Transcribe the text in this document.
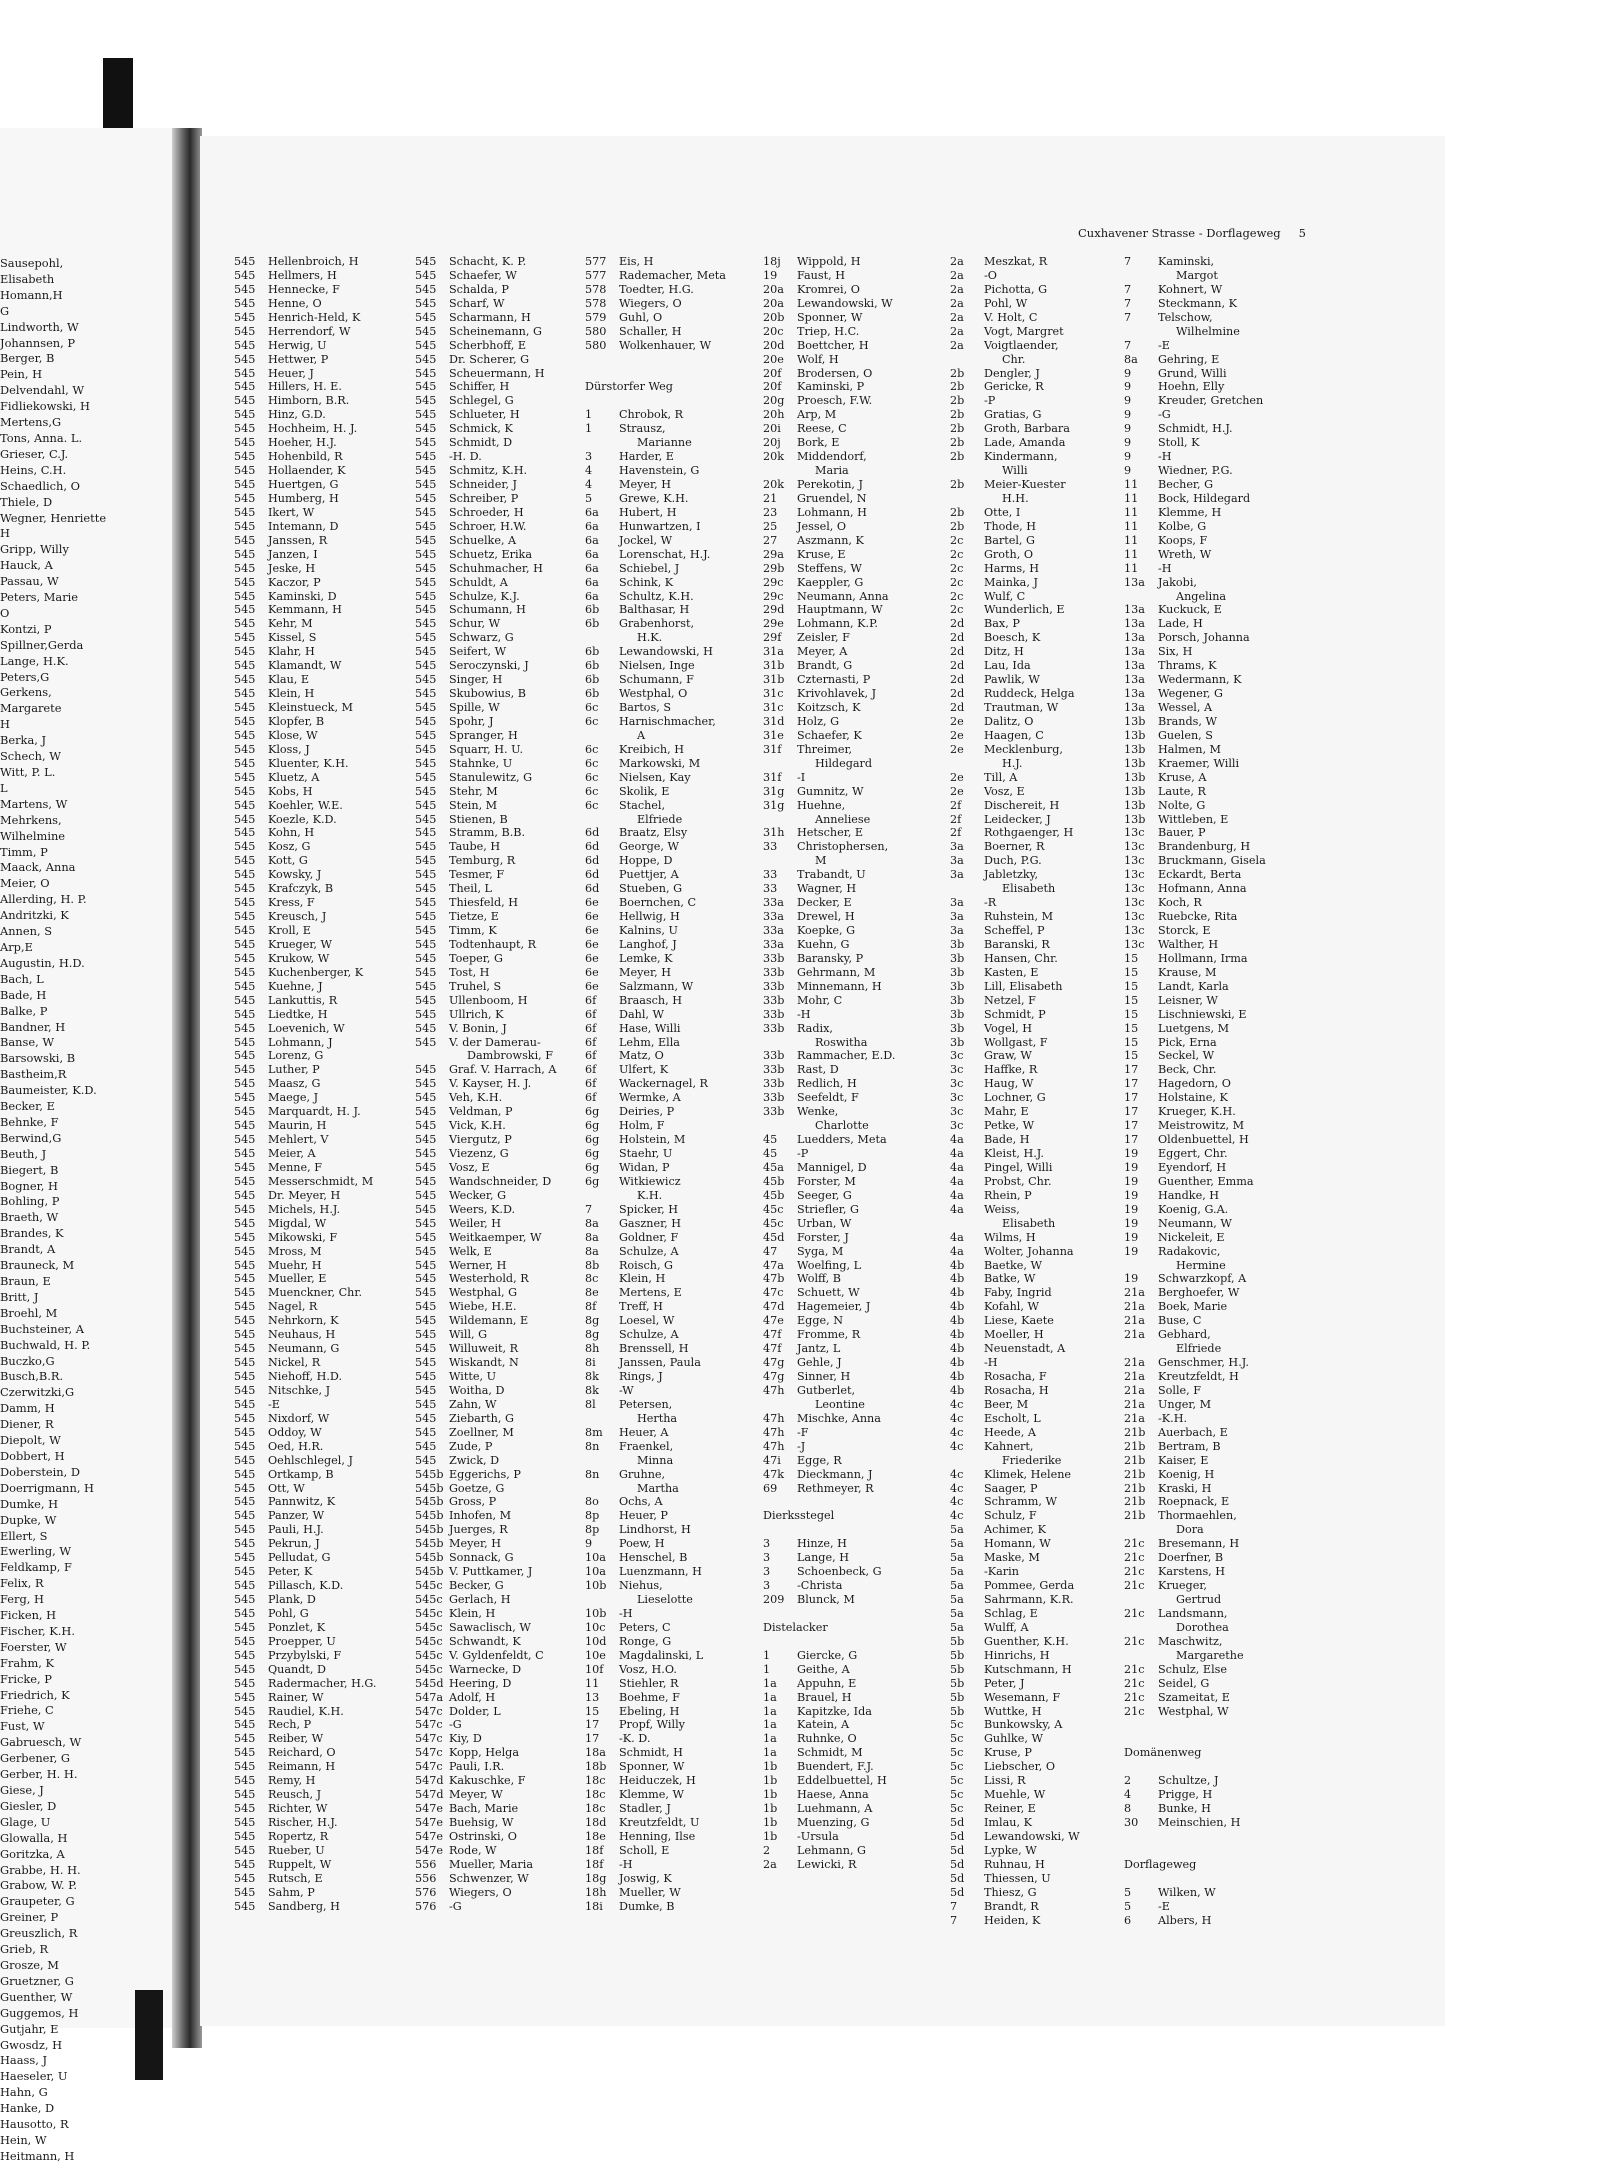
Sausepohl,
Elisabeth
Homann,H
G
Lindworth, W
Johannsen, P
Berger, B
Pein, H
Delvendahl, W
Fidliekowski, H
Mertens,G
Tons, Anna. L.
Grieser, C.J.
Heins, C.H.
Schaedlich, O
Thiele, D
Wegner, Henriette
H
Gripp, Willy
Hauck, A
Passau, W
Peters, Marie
O
Kontzi, P
Spillner,Gerda
Lange, H.K.
Peters,G
Gerkens,
Margarete
H
Berka, J
Schech, W
Witt, P. L.
L
Martens, W
Mehrkens,
Wilhelmine
Timm, P
Maack, Anna
Meier, O
Allerding, H. P.
Andritzki, K
Annen, S
Arp,E
Augustin, H.D.
Bach, L
Bade, H
Balke, P
Bandner, H
Banse, W
Barsowski, B
Bastheim,R
Baumeister, K.D.
Becker, E
Behnke, F
Berwind,G
Beuth, J
Biegert, B
Bogner, H
Bohling, P
Braeth, W
Brandes, K
Brandt, A
Brauneck, M
Braun, E
Britt, J
Broehl, M
Buchsteiner, A
Buchwald, H. P.
Buczko,G
Busch,B.R.
Czerwitzki,G
Damm, H
Diener, R
Diepolt, W
Dobbert, H
Doberstein, D
Doerrigmann, H
Dumke, H
Dupke, W
Ellert, S
Ewerling, W
Feldkamp, F
Felix, R
Ferg, H
Ficken, H
Fischer, K.H.
Foerster, W
Frahm, K
Fricke, P
Friedrich, K
Friehe, C
Fust, W
Gabruesch, W
Gerbener, G
Gerber, H. H.
Giese, J
Giesler, D
Glage, U
Glowalla, H
Goritzka, A
Grabbe, H. H.
Grabow, W. P.
Graupeter, G
Greiner, P
Greuszlich, R
Grieb, R
Grosze, M
Gruetzner, G
Guenther, W
Guggemos, H
Gutjahr, E
Gwosdz, H
Haass, J
Haeseler, U
Hahn, G
Hanke, D
Hausotto, R
Hein, W
Heitmann, H
Cuxhavener Strasse - Dorflageweg 5
545	Hellenbroich, H
545	Hellmers, H
545	Hennecke, F
545	Henne, O
545	Henrich-Held, K
545	Herrendorf, W
545	Herwig, U
545	Hettwer, P
545	Heuer, J
545	Hillers, H. E.
545	Himborn, B.R.
545	Hinz, G.D.
545	Hochheim, H. J.
545	Hoeher, H.J.
545	Hohenbild, R
545	Hollaender, K
545	Huertgen, G
545	Humberg, H
545	Ikert, W
545	Intemann, D
545	Janssen, R
545	Janzen, I
545	Jeske, H
545	Kaczor, P
545	Kaminski, D
545	Kemmann, H
545	Kehr, M
545	Kissel, S
545	Klahr, H
545	Klamandt, W
545	Klau, E
545	Klein, H
545	Kleinstueck, M
545	Klopfer, B
545	Klose, W
545	Kloss, J
545	Kluenter, K.H.
545	Kluetz, A
545	Kobs, H
545	Koehler, W.E.
545	Koezle, K.D.
545	Kohn, H
545	Kosz, G
545	Kott, G
545	Kowsky, J
545	Krafczyk, B
545	Kress, F
545	Kreusch, J
545	Kroll, E
545	Krueger, W
545	Krukow, W
545	Kuchenberger, K
545	Kuehne, J
545	Lankuttis, R
545	Liedtke, H
545	Loevenich, W
545	Lohmann, J
545	Lorenz, G
545	Luther, P
545	Maasz, G
545	Maege, J
545	Marquardt, H. J.
545	Maurin, H
545	Mehlert, V
545	Meier, A
545	Menne, F
545	Messerschmidt, M
545	Dr. Meyer, H
545	Michels, H.J.
545	Migdal, W
545	Mikowski, F
545	Mross, M
545	Muehr, H
545	Mueller, E
545	Muenckner, Chr.
545	Nagel, R
545	Nehrkorn, K
545	Neuhaus, H
545	Neumann, G
545	Nickel, R
545	Niehoff, H.D.
545	Nitschke, J
545	-E
545	Nixdorf, W
545	Oddoy, W
545	Oed, H.R.
545	Oehlschlegel, J
545	Ortkamp, B
545	Ott, W
545	Pannwitz, K
545	Panzer, W
545	Pauli, H.J.
545	Pekrun, J
545	Pelludat, G
545	Peter, K
545	Pillasch, K.D.
545	Plank, D
545	Pohl, G
545	Ponzlet, K
545	Proepper, U
545	Przybylski, F
545	Quandt, D
545	Radermacher, H.G.
545	Rainer, W
545	Raudiel, K.H.
545	Rech, P
545	Reiber, W
545	Reichard, O
545	Reimann, H
545	Remy, H
545	Reusch, J
545	Richter, W
545	Rischer, H.J.
545	Ropertz, R
545	Rueber, U
545	Ruppelt, W
545	Rutsch, E
545	Sahm, P
545	Sandberg, H
545	Schacht, K. P.
545	Schaefer, W
545	Schalda, P
545	Scharf, W
545	Scharmann, H
545	Scheinemann, G
545	Scherbhoff, E
545	Dr. Scherer, G
545	Scheuermann, H
545	Schiffer, H
545	Schlegel, G
545	Schlueter, H
545	Schmick, K
545	Schmidt, D
545	-H. D.
545	Schmitz, K.H.
545	Schneider, J
545	Schreiber, P
545	Schroeder, H
545	Schroer, H.W.
545	Schuelke, A
545	Schuetz, Erika
545	Schuhmacher, H
545	Schuldt, A
545	Schulze, K.J.
545	Schumann, H
545	Schur, W
545	Schwarz, G
545	Seifert, W
545	Seroczynski, J
545	Singer, H
545	Skubowius, B
545	Spille, W
545	Spohr, J
545	Spranger, H
545	Squarr, H. U.
545	Stahnke, U
545	Stanulewitz, G
545	Stehr, M
545	Stein, M
545	Stienen, B
545	Stramm, B.B.
545	Taube, H
545	Temburg, R
545	Tesmer, F
545	Theil, L
545	Thiesfeld, H
545	Tietze, E
545	Timm, K
545	Todtenhaupt, R
545	Toeper, G
545	Tost, H
545	Truhel, S
545	Ullenboom, H
545	Ullrich, K
545	V. Bonin, J
545	V. der Damerau-
Dambrowski, F
545	Graf. V. Harrach, A
545	V. Kayser, H. J.
545	Veh, K.H.
545	Veldman, P
545	Vick, K.H.
545	Viergutz, P
545	Viezenz, G
545	Vosz, E
545	Wandschneider, D
545	Wecker, G
545	Weers, K.D.
545	Weiler, H
545	Weitkaemper, W
545	Welk, E
545	Werner, H
545	Westerhold, R
545	Westphal, G
545	Wiebe, H.E.
545	Wildemann, E
545	Will, G
545	Willuweit, R
545	Wiskandt, N
545	Witte, U
545	Woitha, D
545	Zahn, W
545	Ziebarth, G
545	Zoellner, M
545	Zude, P
545	Zwick, D
545b Eggerichs, P
545b Goetze, G
545b Gross, P
545b Inhofen, M
545b Juerges, R
545b Meyer, H
545b Sonnack, G
545b V. Puttkamer, J
545c Becker, G
545c Gerlach, H
545c Klein, H
545c Sawaclisch, W
545c Schwandt, K
545c V. Gyldenfeldt, C
545c Warnecke, D
545d Heering, D
547a Adolf, H
547c Dolder, L
547c -G
547c Kiy, D
547c Kopp, Helga
547c Pauli, I.R.
547d Kakuschke, F
547d Meyer, W
547e Bach, Marie
547e Buehsig, W
547e Ostrinski, O
547e Rode, W
556	Mueller, Maria
556	Schwenzer, W
576	Wiegers, O
576	-G
577	Eis, H
577	Rademacher, Meta
578	Toedter, H.G.
578	Wiegers, O
579	Guhl, O
580	Schaller, H
580	Wolkenhauer, W
Dürstorfer Weg
1	Chrobok, R
1	Strausz,
Marianne
3	Harder, E
4	Havenstein, G
4	Meyer, H
5	Grewe, K.H.
6a	Hubert, H
6a	Hunwartzen, I
6a	Jockel, W
6a	Lorenschat, H.J.
6a	Schiebel, J
6a	Schink, K
6a	Schultz, K.H.
6b	Balthasar, H
6b	Grabenhorst,
H.K.
6b	Lewandowski, H
6b	Nielsen, Inge
6b	Schumann, F
6b	Westphal, O
6c	Bartos, S
6c	Harnischmacher,
A
6c	Kreibich, H
6c	Markowski, M
6c	Nielsen, Kay
6c	Skolik, E
6c	Stachel,
Elfriede
6d	Braatz, Elsy
6d	George, W
6d	Hoppe, D
6d	Puettjer, A
6d	Stueben, G
6e	Boernchen, C
6e	Hellwig, H
6e	Kalnins, U
6e	Langhof, J
6e	Lemke, K
6e	Meyer, H
6e	Salzmann, W
6f	Braasch, H
6f	Dahl, W
6f	Hase, Willi
6f	Lehm, Ella
6f	Matz, O
6f	Ulfert, K
6f	Wackernagel, R
6f	Wermke, A
6g	Deiries, P
6g	Holm, F
6g	Holstein, M
6g	Staehr, U
6g	Widan, P
6g	Witkiewicz
K.H.
7	Spicker, H
8a	Gaszner, H
8a	Goldner, F
8a	Schulze, A
8b	Roisch, G
8c	Klein, H
8e	Mertens, E
8f	Treff, H
8g	Loesel, W
8g	Schulze, A
8h	Brenssell, H
8i	Janssen, Paula
8k	Rings, J
8k	-W
8l	Petersen,
Hertha
8m	Heuer, A
8n	Fraenkel,
Minna
8n	Gruhne,
Martha
8o	Ochs, A
8p	Heuer, P
8p	Lindhorst, H
9	Poew, H
10a	Henschel, B
10a	Luenzmann, H
10b	Niehus,
Lieselotte
10b	-H
10c	Peters, C
10d	Ronge, G
10e	Magdalinski, L
10f	Vosz, H.O.
11	Stiehler, R
13	Boehme, F
15	Ebeling, H
17	Propf, Willy
17	-K. D.
18a	Schmidt, H
18b	Sponner, W
18c	Heiduczek, H
18c	Klemme, W
18c	Stadler, J
18d	Kreutzfeldt, U
18e	Henning, Ilse
18f	Scholl, E
18f	-H
18g	Joswig, K
18h	Mueller, W
18i	Dumke, B
18j	Wippold, H
19	Faust, H
20a	Kromrei, O
20a	Lewandowski, W
20b	Sponner, W
20c	Triep, H.C.
20d	Boettcher, H
20e	Wolf, H
20f	Brodersen, O
20f	Kaminski, P
20g	Proesch, F.W.
20h	Arp, M
20i	Reese, C
20j	Bork, E
20k	Middendorf,
Maria
20k	Perekotin, J
21	Gruendel, N
23	Lohmann, H
25	Jessel, O
27	Aszmann, K
29a	Kruse, E
29b	Steffens, W
29c	Kaeppler, G
29c	Neumann, Anna
29d	Hauptmann, W
29e	Lohmann, K.P.
29f	Zeisler, F
31a	Meyer, A
31b	Brandt, G
31b	Czternasti, P
31c	Krivohlavek, J
31c	Koitzsch, K
31d	Holz, G
31e	Schaefer, K
31f	Threimer,
Hildegard
31f	-I
31g	Gumnitz, W
31g	Huehne,
Anneliese
31h	Hetscher, E
33	Christophersen,
M
33	Trabandt, U
33	Wagner, H
33a	Decker, E
33a	Drewel, H
33a	Koepke, G
33a	Kuehn, G
33b	Baransky, P
33b	Gehrmann, M
33b	Minnemann, H
33b	Mohr, C
33b	-H
33b	Radix,
Roswitha
33b	Rammacher, E.D.
33b	Rast, D
33b	Redlich, H
33b	Seefeldt, F
33b	Wenke,
Charlotte
45	Luedders, Meta
45	-P
45a	Mannigel, D
45b	Forster, M
45b	Seeger, G
45c	Striefler, G
45c	Urban, W
45d	Forster, J
47	Syga, M
47a	Woelfing, L
47b	Wolff, B
47c	Schuett, W
47d	Hagemeier, J
47e	Egge, N
47f	Fromme, R
47f	Jantz, L
47g	Gehle, J
47g	Sinner, H
47h	Gutberlet,
Leontine
47h	Mischke, Anna
47h	-F
47h	-J
47i	Egge, R
47k	Dieckmann, J
69	Rethmeyer, R
Dierksstegel
3	Hinze, H
3	Lange, H
3	Schoenbeck, G
3	-Christa
209	Blunck, M
Distelacker
1	Giercke, G
1	Geithe, A
1a	Appuhn, E
1a	Brauel, H
1a	Kapitzke, Ida
1a	Katein, A
1a	Ruhnke, O
1a	Schmidt, M
1b	Buendert, F.J.
1b	Eddelbuettel, H
1b	Haese, Anna
1b	Luehmann, A
1b	Muenzing, G
1b	-Ursula
2	Lehmann, G
2a	Lewicki, R
2a	Meszkat, R
2a	-O
2a	Pichotta, G
2a	Pohl, W
2a	V. Holt, C
2a	Vogt, Margret
2a	Voigtlaender,
Chr.
2b	Dengler, J
2b	Gericke, R
2b	-P
2b	Gratias, G
2b	Groth, Barbara
2b	Lade, Amanda
2b	Kindermann,
Willi
2b	Meier-Kuester
H.H.
2b	Otte, I
2b	Thode, H
2c	Bartel, G
2c	Groth, O
2c	Harms, H
2c	Mainka, J
2c	Wulf, C
2c	Wunderlich, E
2d	Bax, P
2d	Boesch, K
2d	Ditz, H
2d	Lau, Ida
2d	Pawlik, W
2d	Ruddeck, Helga
2d	Trautman, W
2e	Dalitz, O
2e	Haagen, C
2e	Mecklenburg,
H.J.
2e	Till, A
2e	Vosz, E
2f	Dischereit, H
2f	Leidecker, J
2f	Rothgaenger, H
3a	Boerner, R
3a	Duch, P.G.
3a	Jabletzky,
Elisabeth
3a	-R
3a	Ruhstein, M
3a	Scheffel, P
3b	Baranski, R
3b	Hansen, Chr.
3b	Kasten, E
3b	Lill, Elisabeth
3b	Netzel, F
3b	Schmidt, P
3b	Vogel, H
3b	Wollgast, F
3c	Graw, W
3c	Haffke, R
3c	Haug, W
3c	Lochner, G
3c	Mahr, E
3c	Petke, W
4a	Bade, H
4a	Kleist, H.J.
4a	Pingel, Willi
4a	Probst, Chr.
4a	Rhein, P
4a	Weiss,
Elisabeth
4a	Wilms, H
4a	Wolter, Johanna
4b	Baetke, W
4b	Batke, W
4b	Faby, Ingrid
4b	Kofahl, W
4b	Liese, Kaete
4b	Moeller, H
4b	Neuenstadt, A
4b	-H
4b	Rosacha, F
4b	Rosacha, H
4c	Beer, M
4c	Escholt, L
4c	Heede, A
4c	Kahnert,
Friederike
4c	Klimek, Helene
4c	Saager, P
4c	Schramm, W
4c	Schulz, F
5a	Achimer, K
5a	Homann, W
5a	Maske, M
5a	-Karin
5a	Pommee, Gerda
5a	Sahrmann, K.R.
5a	Schlag, E
5a	Wulff, A
5b	Guenther, K.H.
5b	Hinrichs, H
5b	Kutschmann, H
5b	Peter, J
5b	Wesemann, F
5b	Wuttke, H
5c	Bunkowsky, A
5c	Guhlke, W
5c	Kruse, P
5c	Liebscher, O
5c	Lissi, R
5c	Muehle, W
5c	Reiner, E
5d	Imlau, K
5d	Lewandowski, W
5d	Lypke, W
5d	Ruhnau, H
5d	Thiessen, U
5d	Thiesz, G
7	Brandt, R
7	Heiden, K
7	Kaminski,
Margot
7	Kohnert, W
7	Steckmann, K
7	Telschow,
Wilhelmine
7	-E
8a	Gehring, E
9	Grund, Willi
9	Hoehn, Elly
9	Kreuder, Gretchen
9	-G
9	Schmidt, H.J.
9	Stoll, K
9	-H
9	Wiedner, P.G.
11	Becher, G
11	Bock, Hildegard
11	Klemme, H
11	Kolbe, G
11	Koops, F
11	Wreth, W
11	-H
13a	Jakobi,
Angelina
13a	Kuckuck, E
13a	Lade, H
13a	Porsch, Johanna
13a	Six, H
13a	Thrams, K
13a	Wedermann, K
13a	Wegener, G
13a	Wessel, A
13b	Brands, W
13b	Guelen, S
13b	Halmen, M
13b	Kraemer, Willi
13b	Kruse, A
13b	Laute, R
13b	Nolte, G
13b	Wittleben, E
13c	Bauer, P
13c	Brandenburg, H
13c	Bruckmann, Gisela
13c	Eckardt, Berta
13c	Hofmann, Anna
13c	Koch, R
13c	Ruebcke, Rita
13c	Storck, E
13c	Walther, H
15	Hollmann, Irma
15	Krause, M
15	Landt, Karla
15	Leisner, W
15	Lischniewski, E
15	Luetgens, M
15	Pick, Erna
15	Seckel, W
17	Beck, Chr.
17	Hagedorn, O
17	Holstaine, K
17	Krueger, K.H.
17	Meistrowitz, M
17	Oldenbuettel, H
19	Eggert, Chr.
19	Eyendorf, H
19	Guenther, Emma
19	Handke, H
19	Koenig, G.A.
19	Neumann, W
19	Nickeleit, E
19	Radakovic,
Hermine
19	Schwarzkopf, A
21a	Berghoefer, W
21a	Boek, Marie
21a	Buse, C
21a	Gebhard,
Elfriede
21a	Genschmer, H.J.
21a	Kreutzfeldt, H
21a	Solle, F
21a	Unger, M
21a	-K.H.
21b	Auerbach, E
21b	Bertram, B
21b	Kaiser, E
21b	Koenig, H
21b	Kraski, H
21b	Roepnack, E
21b	Thormaehlen,
Dora
21c	Bresemann, H
21c	Doerfner, B
21c	Karstens, H
21c	Krueger,
Gertrud
21c	Landsmann,
Dorothea
21c	Maschwitz,
Margarethe
21c	Schulz, Else
21c	Seidel, G
21c	Szameitat, E
21c	Westphal, W
Domänenweg
2	Schultze, J
4	Prigge, H
8	Bunke, H
30	Meinschien, H
Dorflageweg
5	Wilken, W
5	-E
6	Albers, H
